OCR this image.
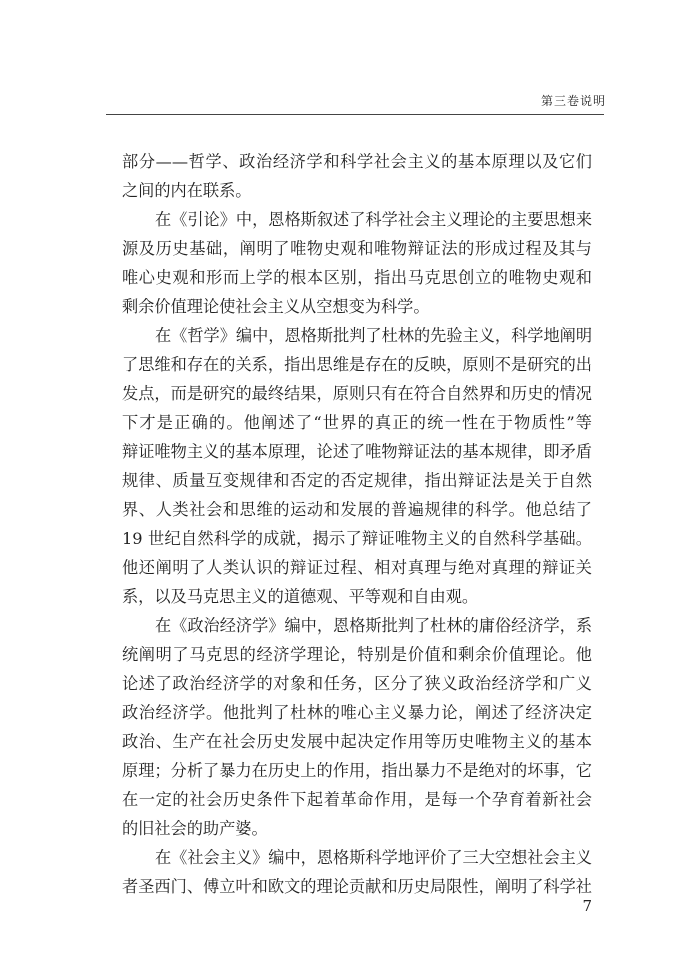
第三卷说明
部分——哲学、政治经济学和科学社会主义的基本原理以及它们
之间的内在联系。
在《引论》中，恩格斯叙述了科学社会主义理论的主要思想来
源及历史基础，阐明了唯物史观和唯物辩证法的形成过程及其与
唯心史观和形而上学的根本区别，指出马克思创立的唯物史观和
剩余价值理论使社会主义从空想变为科学。
在《哲学》编中，恩格斯批判了杜林的先验主义，科学地阐明
了思维和存在的关系，指出思维是存在的反映，原则不是研究的出
发点，而是研究的最终结果，原则只有在符合自然界和历史的情况
下才是正确的。他阐述了“世界的真正的统一性在于物质性”等
辩证唯物主义的基本原理，论述了唯物辩证法的基本规律，即矛盾
规律、质量互变规律和否定的否定规律，指出辩证法是关于自然
界、人类社会和思维的运动和发展的普遍规律的科学。他总结了
19 世纪自然科学的成就，揭示了辩证唯物主义的自然科学基础。
他还阐明了人类认识的辩证过程、相对真理与绝对真理的辩证关
系，以及马克思主义的道德观、平等观和自由观。
在《政治经济学》编中，恩格斯批判了杜林的庸俗经济学，系
统阐明了马克思的经济学理论，特别是价值和剩余价值理论。他
论述了政治经济学的对象和任务，区分了狭义政治经济学和广义
政治经济学。他批判了杜林的唯心主义暴力论，阐述了经济决定
政治、生产在社会历史发展中起决定作用等历史唯物主义的基本
原理；分析了暴力在历史上的作用，指出暴力不是绝对的坏事，它
在一定的社会历史条件下起着革命作用，是每一个孕育着新社会
的旧社会的助产婆。
在《社会主义》编中，恩格斯科学地评价了三大空想社会主义
者圣西门、傅立叶和欧文的理论贡献和历史局限性，阐明了科学社
7
